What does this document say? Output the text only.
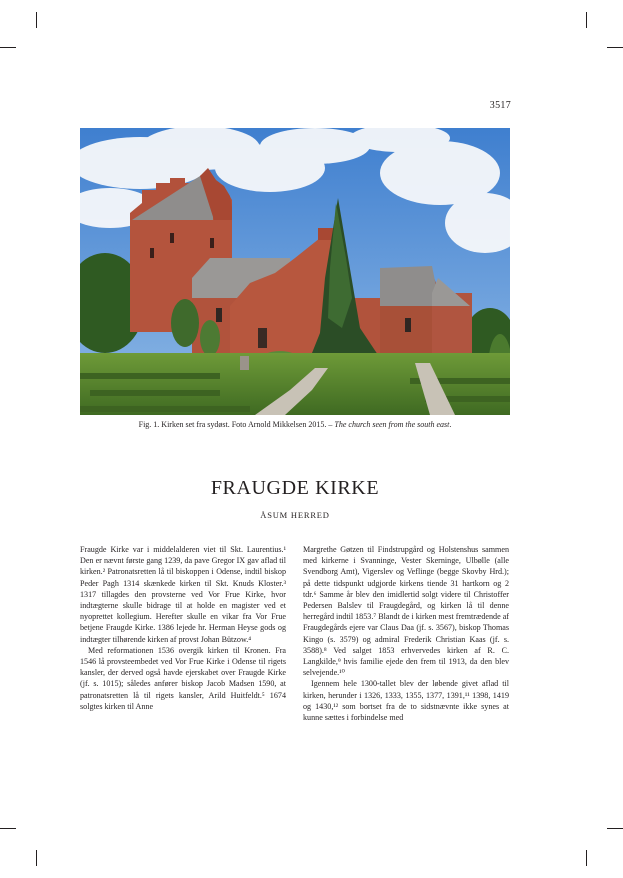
3517
Fig. 1. Kirken set fra sydøst. Foto Arnold Mikkelsen 2015. – The church seen from the south east.
FRAUGDE KIRKE
ÅSUM HERRED

Fraugde Kirke var i middelalderen viet til Skt. Laurentius.¹ Den er nævnt første gang 1239, da pave Gregor IX gav aflad til kirken.² Patronatsretten lå til biskoppen i Odense, indtil biskop Peder Pagh 1314 skænkede kirken til Skt. Knuds Kloster.³ 1317 tillagdes den provsterne ved Vor Frue Kirke, hvor indtægterne skulle bidrage til at holde en magister ved et nyoprettet kollegium. Herefter skulle en vikar fra Vor Frue betjene Fraugde Kirke. 1386 lejede hr. Herman Heyse gods og indtægter tilhørende kirken af provst Johan Bützow.⁴

Med reformationen 1536 overgik kirken til Kronen. Fra 1546 lå provsteembedet ved Vor Frue Kirke i Odense til rigets kansler, der derved også havde ejerskabet over Fraugde Kirke (jf. s. 1015); således anfører biskop Jacob Madsen 1590, at patronatsretten lå til rigets kansler, Arild Huitfeldt.⁵ 1674 solgtes kirken til Anne

Margrethe Gøtzen til Findstrupgård og Holstenshus sammen med kirkerne i Svanninge, Vester Skerninge, Ulbølle (alle Svendborg Amt), Vigerslev og Veflinge (begge Skovby Hrd.); på dette tidspunkt udgjorde kirkens tiende 31 hartkorn og 2 tdr.⁶ Samme år blev den imidlertid solgt videre til Christoffer Pedersen Balslev til Fraugdegård, og kirken lå til denne herregård indtil 1853.⁷ Blandt de i kirken mest fremtrædende af Fraugdegårds ejere var Claus Daa (jf. s. 3567), biskop Thomas Kingo (s. 3579) og admiral Frederik Christian Kaas (jf. s. 3588).⁸ Ved salget 1853 erhvervedes kirken af R. C. Langkilde,⁹ hvis familie ejede den frem til 1913, da den blev selvejende.¹⁰

Igennem hele 1300-tallet blev der løbende givet aflad til kirken, herunder i 1326, 1333, 1355, 1377, 1391,¹¹ 1398, 1419 og 1430,¹² som bortset fra de to sidstnævnte ikke synes at kunne sættes i forbindelse med
